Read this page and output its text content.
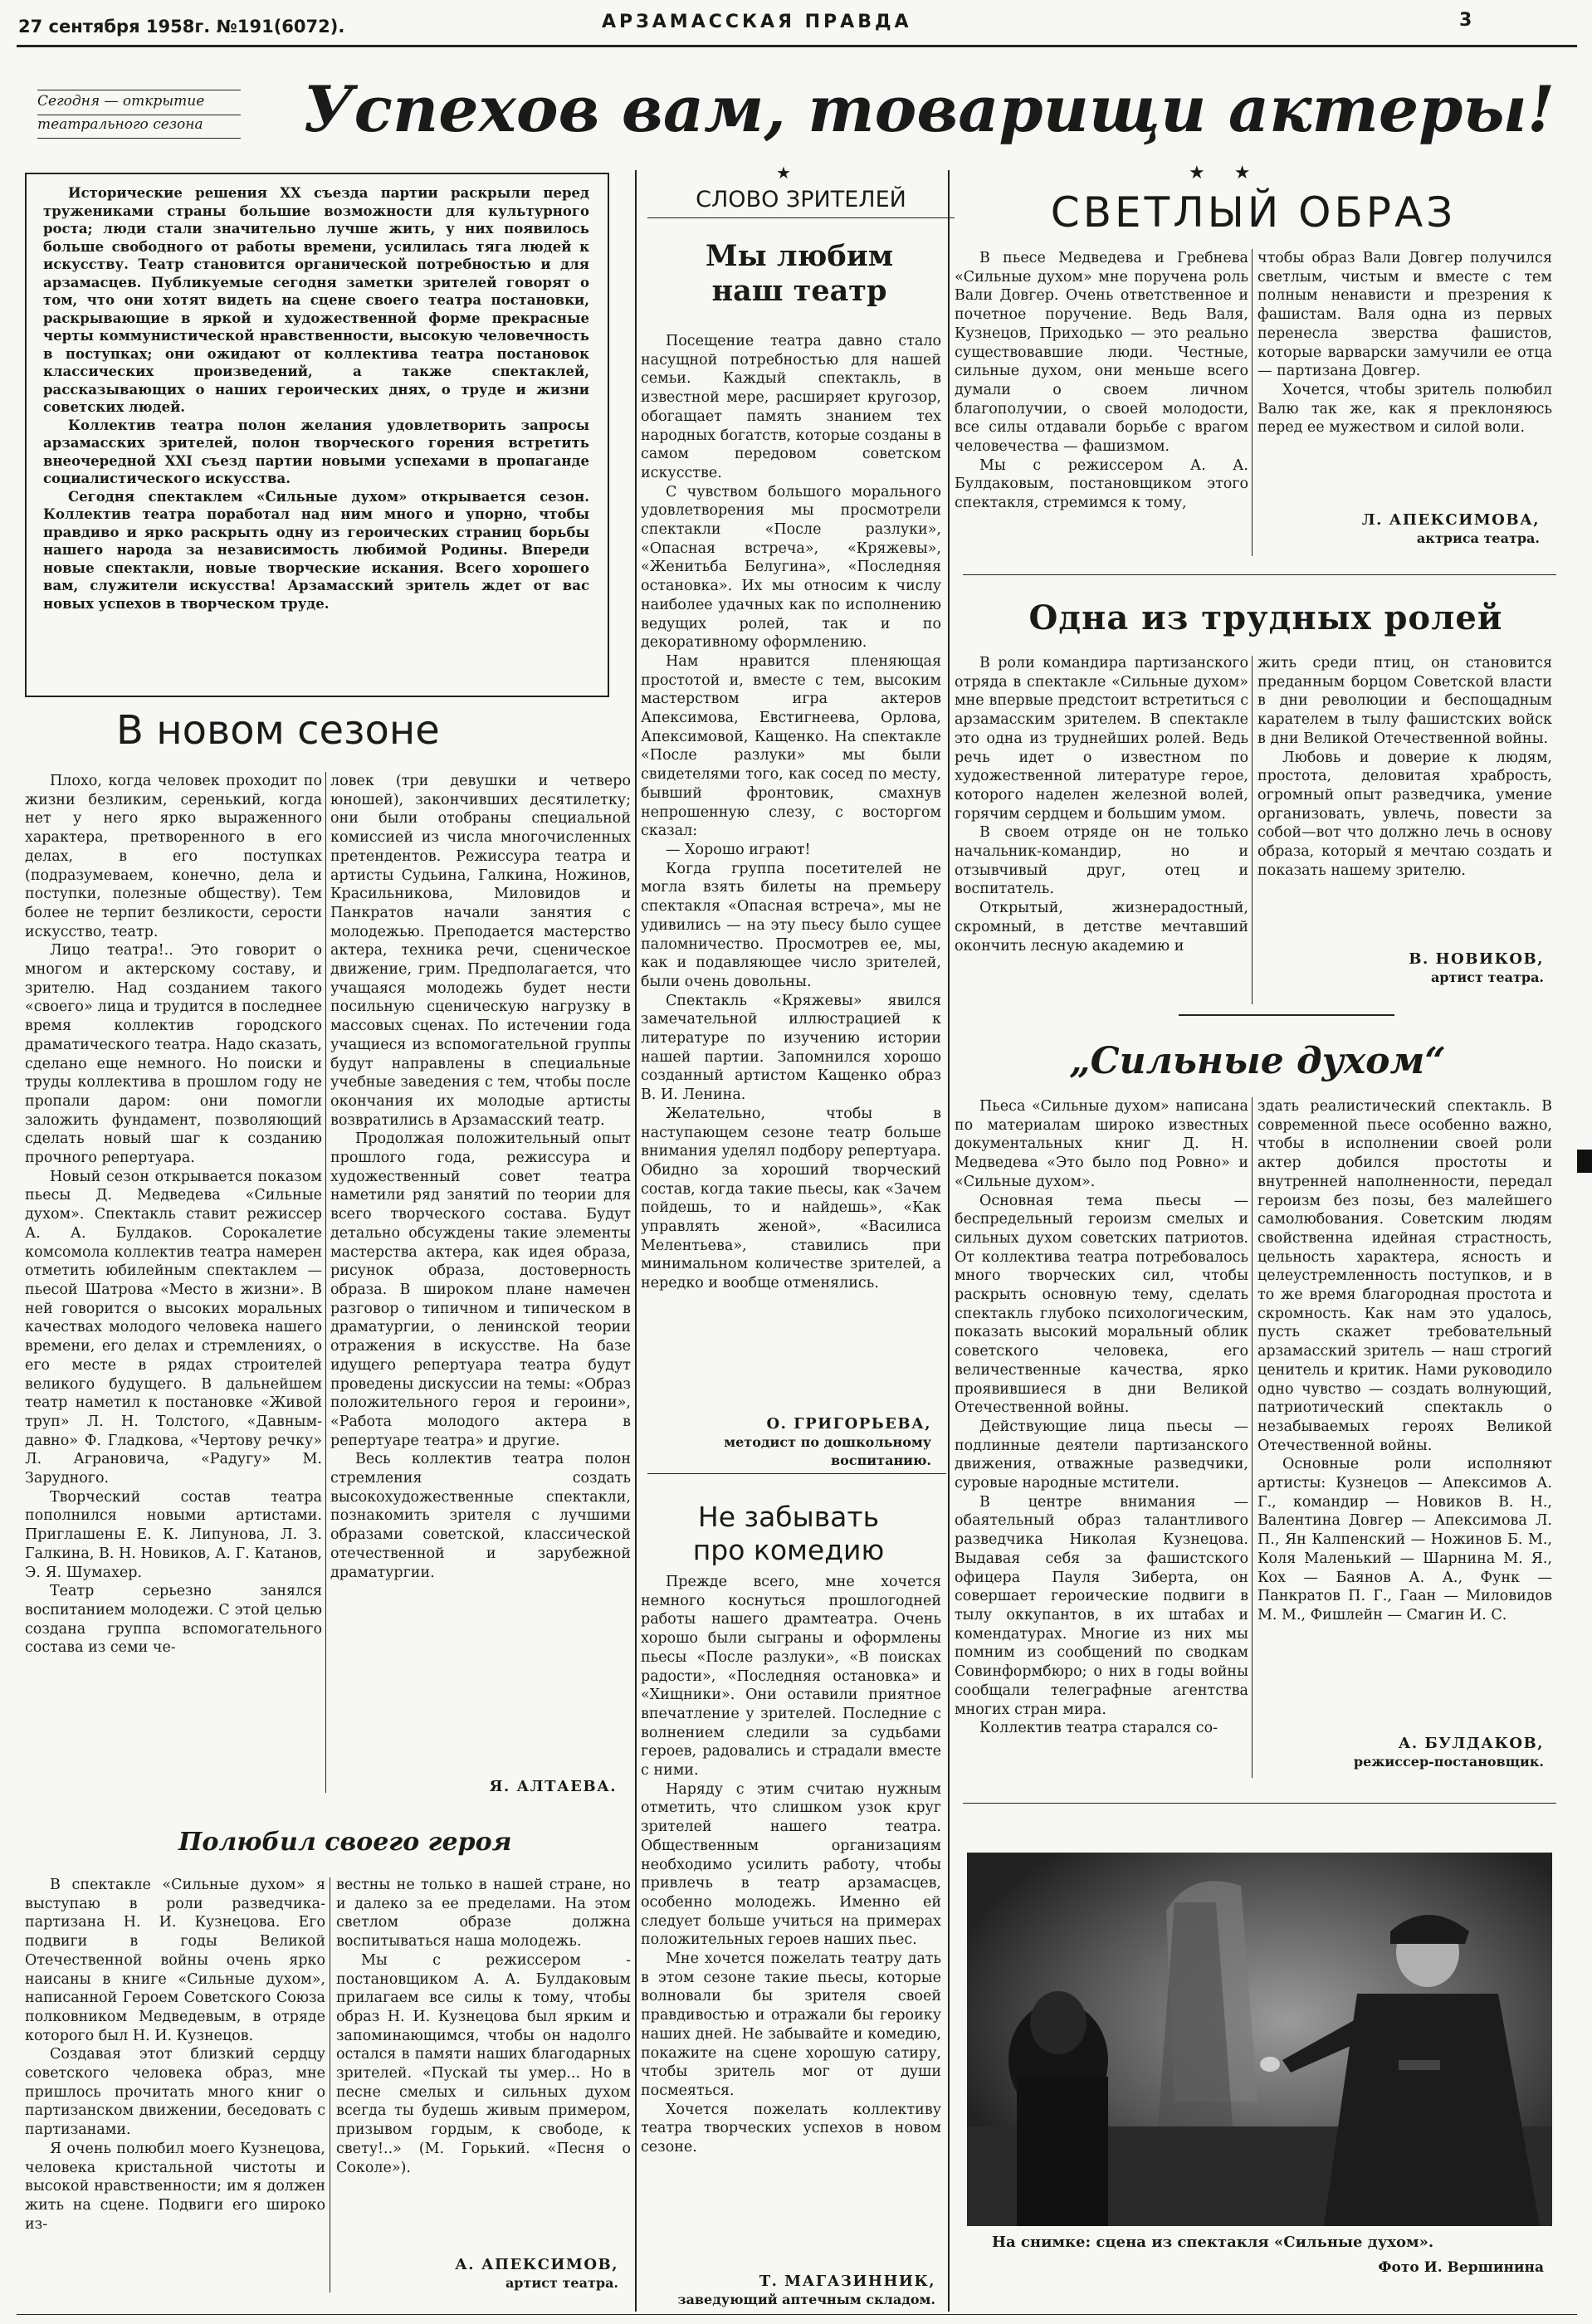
27 сентября 1958г. №191(6072).	АРЗАМАССКАЯ ПРАВДА	3
Сегодня — открытие
театрального сезона	Успехов вам, товарищи актеры!

Исторические решения XX съезда партии раскрыли перед тружениками страны большие возможности для культурного роста; люди стали значительно лучше жить, у них появилось больше свободного от работы времени, усилилась тяга людей к искусству. Театр становится органической потребностью и для арзамасцев. Публикуемые сегодня заметки зрителей говорят о том, что они хотят видеть на сцене своего театра постановки, раскрывающие в яркой и художественной форме прекрасные черты коммунистической нравственности, высокую человечность в поступках; они ожидают от коллектива театра постановок классических произведений, а также спектаклей, рассказывающих о наших героических днях, о труде и жизни советских людей.

Коллектив театра полон желания удовлетворить запросы арзамасских зрителей, полон творческого горения встретить внеочередной XXI съезд партии новыми успехами в пропаганде социалистического искусства.

Сегодня спектаклем «Сильные духом» открывается сезон. Коллектив театра поработал над ним много и упорно, чтобы правдиво и ярко раскрыть одну из героических страниц борьбы нашего народа за независимость любимой Родины. Впереди новые спектакли, новые творческие искания. Всего хорошего вам, служители искусства! Арзамасский зритель ждет от вас новых успехов в творческом труде.

В новом сезоне

Плохо, когда человек проходит по жизни безликим, серенький, когда нет у него ярко выраженного характера, претворенного в его делах, в его поступках (подразумеваем, конечно, дела и поступки, полезные обществу). Тем более не терпит безликости, серости искусство, театр.

Лицо театра!.. Это говорит о многом и актерскому составу, и зрителю. Над созданием такого «своего» лица и трудится в последнее время коллектив городского драматического театра. Надо сказать, сделано еще немного. Но поиски и труды коллектива в прошлом году не пропали даром: они помогли заложить фундамент, позволяющий сделать новый шаг к созданию прочного репертуара.

Новый сезон открывается показом пьесы Д. Медведева «Сильные духом». Спектакль ставит режиссер А. А. Булдаков. Сорокалетие комсомола коллектив театра намерен отметить юбилейным спектаклем — пьесой Шатрова «Место в жизни». В ней говорится о высоких моральных качествах молодого человека нашего времени, его делах и стремлениях, о его месте в рядах строителей великого будущего. В дальнейшем театр наметил к постановке «Живой труп» Л. Н. Толстого, «Давным-давно» Ф. Гладкова, «Чертову речку» Л. Аграновича, «Радугу» М. Зарудного.

Творческий состав театра пополнился новыми артистами. Приглашены Е. К. Липунова, Л. З. Галкина, В. Н. Новиков, А. Г. Катанов, Э. Я. Шумахер.

Театр серьезно занялся воспитанием молодежи. С этой целью создана группа вспомогательного состава из семи че-

ловек (три девушки и четверо юношей), закончивших десятилетку; они были отобраны специальной комиссией из числа многочисленных претендентов. Режиссура театра и артисты Судьина, Галкина, Ножинов, Красильникова, Миловидов и Панкратов начали занятия с молодежью. Преподается мастерство актера, техника речи, сценическое движение, грим. Предполагается, что учащаяся молодежь будет нести посильную сценическую нагрузку в массовых сценах. По истечении года учащиеся из вспомогательной группы будут направлены в специальные учебные заведения с тем, чтобы после окончания их молодые артисты возвратились в Арзамасский театр.

Продолжая положительный опыт прошлого года, режиссура и художественный совет театра наметили ряд занятий по теории для всего творческого состава. Будут детально обсуждены такие элементы мастерства актера, как идея образа, рисунок образа, достоверность образа. В широком плане намечен разговор о типичном и типическом в драматургии, о ленинской теории отражения в искусстве. На базе идущего репертуара театра будут проведены дискуссии на темы: «Образ положительного героя и героини», «Работа молодого актера в репертуаре театра» и другие.

Весь коллектив театра полон стремления создать высокохудожественные спектакли, познакомить зрителя с лучшими образами советской, классической отечественной и зарубежной драматургии.

Я. АЛТАЕВА.
Полюбил своего героя

В спектакле «Сильные духом» я выступаю в роли разведчика-партизана Н. И. Кузнецова. Его подвиги в годы Великой Отечественной войны очень ярко наисаны в книге «Сильные духом», написанной Героем Советского Союза полковником Медведевым, в отряде которого был Н. И. Кузнецов.

Создавая этот близкий сердцу советского человека образ, мне пришлось прочитать много книг о партизанском движении, беседовать с партизанами.

Я очень полюбил моего Кузнецова, человека кристальной чистоты и высокой нравственности; им я должен жить на сцене. Подвиги его широко из-

вестны не только в нашей стране, но и далеко за ее пределами. На этом светлом образе должна воспитываться наша молодежь.

Мы с режиссером - постановщиком А. А. Булдаковым прилагаем все силы к тому, чтобы образ Н. И. Кузнецова был ярким и запоминающимся, чтобы он надолго остался в памяти наших благодарных зрителей. «Пускай ты умер... Но в песне смелых и сильных духом всегда ты будешь живым примером, призывом гордым, к свободе, к свету!..» (М. Горький. «Песня о Соколе»).

А. АПЕКСИМОВ,
артист театра.
★
СЛОВО ЗРИТЕЛЕЙ
Мы любим наш театр

Посещение театра давно стало насущной потребностью для нашей семьи. Каждый спектакль, в известной мере, расширяет кругозор, обогащает память знанием тех народных богатств, которые созданы в самом передовом советском искусстве.

С чувством большого морального удовлетворения мы просмотрели спектакли «После разлуки», «Опасная встреча», «Кряжевы», «Женитьба Белугина», «Последняя остановка». Их мы относим к числу наиболее удачных как по исполнению ведущих ролей, так и по декоративному оформлению.

Нам нравится пленяющая простотой и, вместе с тем, высоким мастерством игра актеров Апексимова, Евстигнеева, Орлова, Апексимовой, Кащенко. На спектакле «После разлуки» мы были свидетелями того, как сосед по месту, бывший фронтовик, смахнув непрошенную слезу, с восторгом сказал:

— Хорошо играют!

Когда группа посетителей не могла взять билеты на премьеру спектакля «Опасная встреча», мы не удивились — на эту пьесу было сущее паломничество. Просмотрев ее, мы, как и подавляющее число зрителей, были очень довольны.

Спектакль «Кряжевы» явился замечательной иллюстрацией к литературе по изучению истории нашей партии. Запомнился хорошо созданный артистом Кащенко образ В. И. Ленина.

Желательно, чтобы в наступающем сезоне театр больше внимания уделял подбору репертуара. Обидно за хороший творческий состав, когда такие пьесы, как «Зачем пойдешь, то и найдешь», «Как управлять женой», «Василиса Мелентьева», ставились при минимальном количестве зрителей, а нередко и вообще отменялись.

О. ГРИГОРЬЕВА,
методист по дошкольному воспитанию.
Не забывать
про комедию

Прежде всего, мне хочется немного коснуться прошлогодней работы нашего драмтеатра. Очень хорошо были сыграны и оформлены пьесы «После разлуки», «В поисках радости», «Последняя остановка» и «Хищники». Они оставили приятное впечатление у зрителей. Последние с волнением следили за судьбами героев, радовались и страдали вместе с ними.

Наряду с этим считаю нужным отметить, что слишком узок круг зрителей нашего театра. Общественным организациям необходимо усилить работу, чтобы привлечь в театр арзамасцев, особенно молодежь. Именно ей следует больше учиться на примерах положительных героев наших пьес.

Мне хочется пожелать театру дать в этом сезоне такие пьесы, которые волновали бы зрителя своей правдивостью и отражали бы героику наших дней. Не забывайте и комедию, покажите на сцене хорошую сатиру, чтобы зритель мог от души посмеяться.

Хочется пожелать коллективу театра творческих успехов в новом сезоне.

Т. МАГАЗИННИК,
заведующий аптечным складом.
★ ★
СВЕТЛЫЙ ОБРАЗ

В пьесе Медведева и Гребнева «Сильные духом» мне поручена роль Вали Довгер. Очень ответственное и почетное поручение. Ведь Валя, Кузнецов, Приходько — это реально существовавшие люди. Честные, сильные духом, они меньше всего думали о своем личном благополучии, о своей молодости, все силы отдавали борьбе с врагом человечества — фашизмом.

Мы с режиссером А. А. Булдаковым, постановщиком этого спектакля, стремимся к тому,

чтобы образ Вали Довгер получился светлым, чистым и вместе с тем полным ненависти и презрения к фашистам. Валя одна из первых перенесла зверства фашистов, которые варварски замучили ее отца — партизана Довгер.

Хочется, чтобы зритель полюбил Валю так же, как я преклоняюсь перед ее мужеством и силой воли.

Л. АПЕКСИМОВА,
актриса театра.
Одна из трудных ролей

В роли командира партизанского отряда в спектакле «Сильные духом» мне впервые предстоит встретиться с арзамасским зрителем. В спектакле это одна из труднейших ролей. Ведь речь идет о известном по художественной литературе герое, которого наделен железной волей, горячим сердцем и большим умом.

В своем отряде он не только начальник-командир, но и отзывчивый друг, отец и воспитатель.

Открытый, жизнерадостный, скромный, в детстве мечтавший окончить лесную академию и

жить среди птиц, он становится преданным борцом Советской власти в дни революции и беспощадным карателем в тылу фашистских войск в дни Великой Отечественной войны.

Любовь и доверие к людям, простота, деловитая храбрость, огромный опыт разведчика, умение организовать, увлечь, повести за собой—вот что должно лечь в основу образа, который я мечтаю создать и показать нашему зрителю.

В. НОВИКОВ,
артист театра.
„Сильные духом“

Пьеса «Сильные духом» написана по материалам широко известных документальных книг Д. Н. Медведева «Это было под Ровно» и «Сильные духом».

Основная тема пьесы — беспредельный героизм смелых и сильных духом советских патриотов. От коллектива театра потребовалось много творческих сил, чтобы раскрыть основную тему, сделать спектакль глубоко психологическим, показать высокий моральный облик советского человека, его величественные качества, ярко проявившиеся в дни Великой Отечественной войны.

Действующие лица пьесы — подлинные деятели партизанского движения, отважные разведчики, суровые народные мстители.

В центре внимания — обаятельный образ талантливого разведчика Николая Кузнецова. Выдавая себя за фашистского офицера Пауля Зиберта, он совершает героические подвиги в тылу оккупантов, в их штабах и комендатурах. Многие из них мы помним из сообщений по сводкам Совинформбюро; о них в годы войны сообщали телеграфные агентства многих стран мира.

Коллектив театра старался со-

здать реалистический спектакль. В современной пьесе особенно важно, чтобы в исполнении своей роли актер добился простоты и внутренней наполненности, передал героизм без позы, без малейшего самолюбования. Советским людям свойственна идейная страстность, цельность характера, ясность и целеустремленность поступков, и в то же время благородная простота и скромность. Как нам это удалось, пусть скажет требовательный арзамасский зритель — наш строгий ценитель и критик. Нами руководило одно чувство — создать волнующий, патриотический спектакль о незабываемых героях Великой Отечественной войны.

Основные роли исполняют артисты: Кузнецов — Апексимов А. Г., командир — Новиков В. Н., Валентина Довгер — Апексимова Л. П., Ян Калпенский — Ножинов Б. М., Коля Маленький — Шарнина М. Я., Кох — Баянов А. А., Функ — Панкратов П. Г., Гаан — Миловидов М. М., Фишлейн — Смагин И. С.

А. БУЛДАКОВ,
режиссер-постановщик.
На снимке: сцена из спектакля «Сильные духом».
Фото И. Вершинина
